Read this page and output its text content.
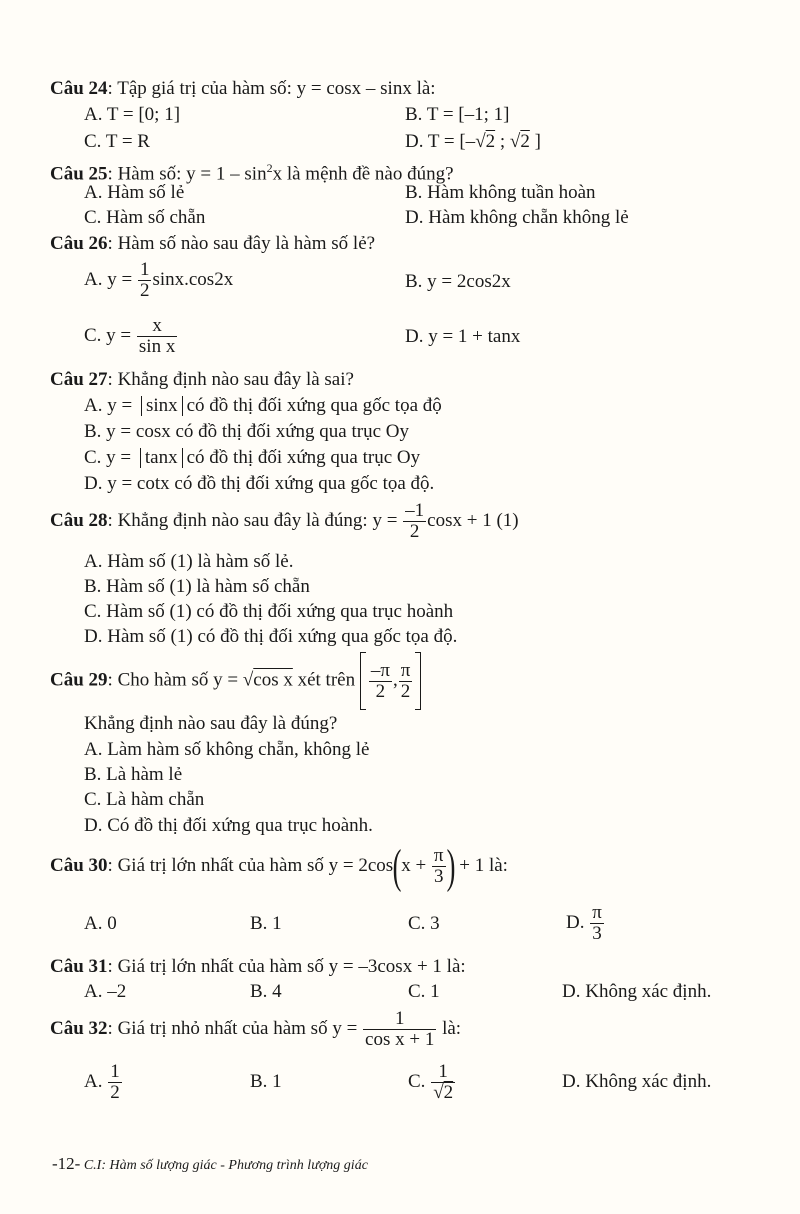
Câu 24: Tập giá trị của hàm số: y = cosx – sinx là:
A. T = [0; 1]	B. T = [–1; 1]
C. T = R	D. T = [–√2 ; √2 ]
Câu 25: Hàm số: $y = 1 - \sin^2x$ là mệnh đề nào đúng?
A. Hàm số lẻ	B. Hàm không tuần hoàn
C. Hàm số chẵn	D. Hàm không chẵn không lẻ
Câu 26: Hàm số nào sau đây là hàm số lẻ?
A. $y = \frac{1}{2} \sin x.\cos 2x$	B. y = 2cos2x
C. $y = \frac{x}{\text{sin x}}$	D. y = 1 + tanx
Câu 27: Khẳng định nào sau đây là sai?
A. y = sinx có đồ thị đối xứng qua gốc tọa độ
B. y = cosx có đồ thị đối xứng qua trục Oy
C. y = tanx có đồ thị đối xứng qua trục Oy
D. y = cotx có đồ thị đối xứng qua gốc tọa độ.
Câu 28: Khẳng định nào sau đây là đúng: $y = \frac{-1}{2}$ cosx + 1 (1)
A. Hàm số (1) là hàm số lẻ.
B. Hàm số (1) là hàm số chẵn
C. Hàm số (1) có đồ thị đối xứng qua trục hoành
D. Hàm số (1) có đồ thị đối xứng qua gốc tọa độ.
Câu 29: Cho hàm số y = √cos x xét trên $\frac{-\pi}{2}$ , $\frac{\pi}{2}$
Khẳng định nào sau đây là đúng?
A. Làm hàm số không chẵn, không lẻ
B. Là hàm lẻ
C. Là hàm chẵn
D. Có đồ thị đối xứng qua trục hoành.
Câu 30: Giá trị lớn nhất của hàm số $y = 2\cos(x + \frac{\pi}{3}$ ) + 1 là:
A. 0	B. 1	C. 3	D. $\frac{\pi}{3}$
Câu 31: Giá trị lớn nhất của hàm số y = –3cosx + 1 là:
A. –2	B. 4	C. 1	D. Không xác định.
Câu 32: Giá trị nhỏ nhất của hàm số $y = \frac{1}{\text{cos x + 1}}$ là:
A. $\frac{1}{2}$	B. 1	C. $\frac{1}{√2}$	D. Không xác định.
-12- C.I: Hàm số lượng giác - Phương trình lượng giác
